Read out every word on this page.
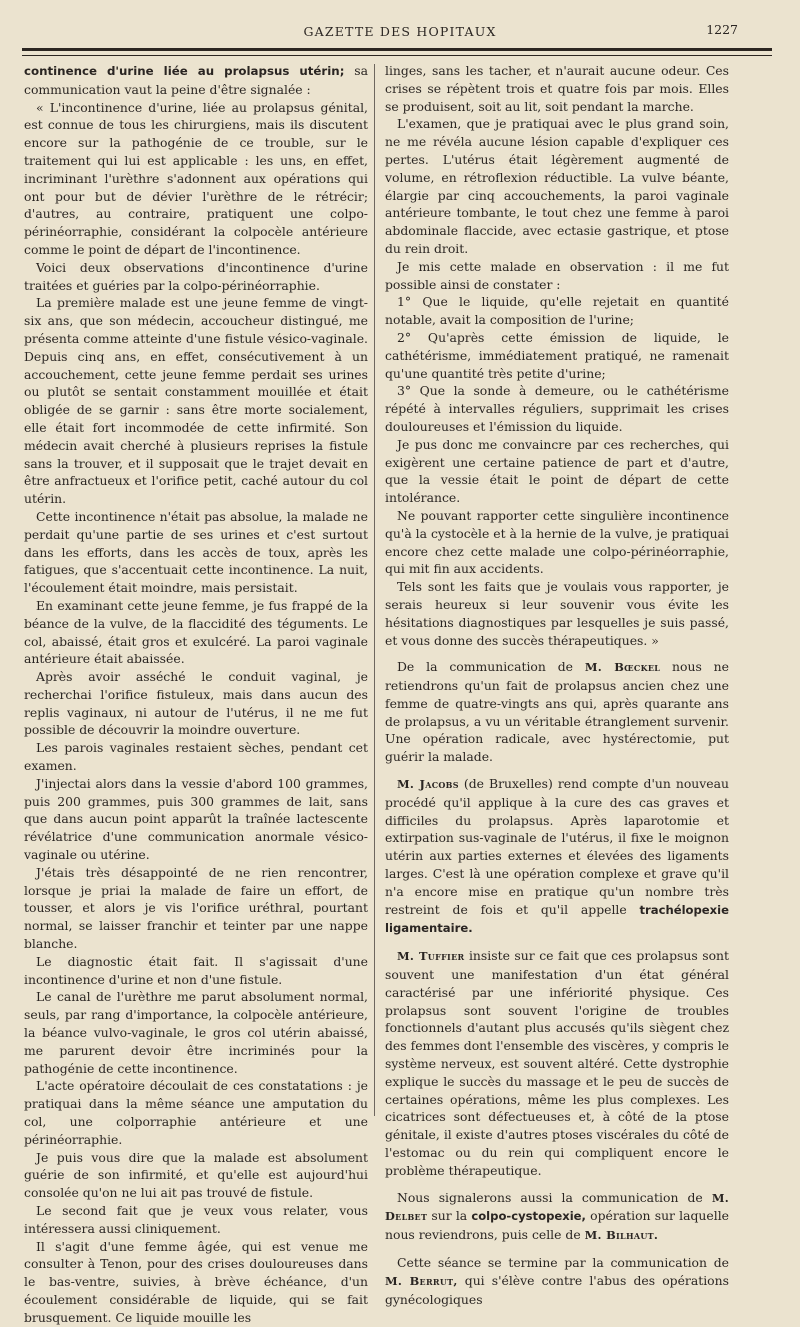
GAZETTE DES HOPITAUX	1227

continence d'urine liée au prolapsus utérin; sa communication vaut la peine d'être signalée :

« L'incontinence d'urine, liée au prolapsus génital, est connue de tous les chirurgiens, mais ils discutent encore sur la pathogénie de ce trouble, sur le traitement qui lui est applicable : les uns, en effet, incriminant l'urèthre s'adonnent aux opérations qui ont pour but de dévier l'urèthre de le rétrécir; d'autres, au contraire, pratiquent une colpo-périnéorraphie, considérant la colpocèle antérieure comme le point de départ de l'incontinence.

Voici deux observations d'incontinence d'urine traitées et guéries par la colpo-périnéorraphie.

La première malade est une jeune femme de vingt-six ans, que son médecin, accoucheur distingué, me présenta comme atteinte d'une fistule vésico-vaginale. Depuis cinq ans, en effet, consécutivement à un accouchement, cette jeune femme perdait ses urines ou plutôt se sentait constamment mouillée et était obligée de se garnir : sans être morte socialement, elle était fort incommodée de cette infirmité. Son médecin avait cherché à plusieurs reprises la fistule sans la trouver, et il supposait que le trajet devait en être anfractueux et l'orifice petit, caché autour du col utérin.

Cette incontinence n'était pas absolue, la malade ne perdait qu'une partie de ses urines et c'est surtout dans les efforts, dans les accès de toux, après les fatigues, que s'accentuait cette incontinence. La nuit, l'écoulement était moindre, mais persistait.

En examinant cette jeune femme, je fus frappé de la béance de la vulve, de la flaccidité des téguments. Le col, abaissé, était gros et exulcéré. La paroi vaginale antérieure était abaissée.

Après avoir asséché le conduit vaginal, je recherchai l'orifice fistuleux, mais dans aucun des replis vaginaux, ni autour de l'utérus, il ne me fut possible de découvrir la moindre ouverture.

Les parois vaginales restaient sèches, pendant cet examen.

J'injectai alors dans la vessie d'abord 100 grammes, puis 200 grammes, puis 300 grammes de lait, sans que dans aucun point apparût la traînée lactescente révélatrice d'une communication anormale vésico-vaginale ou utérine.

J'étais très désappointé de ne rien rencontrer, lorsque je priai la malade de faire un effort, de tousser, et alors je vis l'orifice uréthral, pourtant normal, se laisser franchir et teinter par une nappe blanche.

Le diagnostic était fait. Il s'agissait d'une incontinence d'urine et non d'une fistule.

Le canal de l'urèthre me parut absolument normal, seuls, par rang d'importance, la colpocèle antérieure, la béance vulvo-vaginale, le gros col utérin abaissé, me parurent devoir être incriminés pour la pathogénie de cette incontinence.

L'acte opératoire découlait de ces constatations : je pratiquai dans la même séance une amputation du col, une colporraphie antérieure et une périnéorraphie.

Je puis vous dire que la malade est absolument guérie de son infirmité, et qu'elle est aujourd'hui consolée qu'on ne lui ait pas trouvé de fistule.

Le second fait que je veux vous relater, vous intéressera aussi cliniquement.

Il s'agit d'une femme âgée, qui est venue me consulter à Tenon, pour des crises douloureuses dans le bas-ventre, suivies, à brève échéance, d'un écoulement considérable de liquide, qui se fait brusquement. Ce liquide mouille les

linges, sans les tacher, et n'aurait aucune odeur. Ces crises se répètent trois et quatre fois par mois. Elles se produisent, soit au lit, soit pendant la marche.

L'examen, que je pratiquai avec le plus grand soin, ne me révéla aucune lésion capable d'expliquer ces pertes. L'utérus était légèrement augmenté de volume, en rétroflexion réductible. La vulve béante, élargie par cinq accouchements, la paroi vaginale antérieure tombante, le tout chez une femme à paroi abdominale flaccide, avec ectasie gastrique, et ptose du rein droit.

Je mis cette malade en observation : il me fut possible ainsi de constater :

1° Que le liquide, qu'elle rejetait en quantité notable, avait la composition de l'urine;

2° Qu'après cette émission de liquide, le cathétérisme, immédiatement pratiqué, ne ramenait qu'une quantité très petite d'urine;

3° Que la sonde à demeure, ou le cathétérisme répété à intervalles réguliers, supprimait les crises douloureuses et l'émission du liquide.

Je pus donc me convaincre par ces recherches, qui exigèrent une certaine patience de part et d'autre, que la vessie était le point de départ de cette intolérance.

Ne pouvant rapporter cette singulière incontinence qu'à la cystocèle et à la hernie de la vulve, je pratiquai encore chez cette malade une colpo-périnéorraphie, qui mit fin aux accidents.

Tels sont les faits que je voulais vous rapporter, je serais heureux si leur souvenir vous évite les hésitations diagnostiques par lesquelles je suis passé, et vous donne des succès thérapeutiques. »

De la communication de M. Bœckel nous ne retiendrons qu'un fait de prolapsus ancien chez une femme de quatre-vingts ans qui, après quarante ans de prolapsus, a vu un véritable étranglement survenir. Une opération radicale, avec hystérectomie, put guérir la malade.

M. Jacobs (de Bruxelles) rend compte d'un nouveau procédé qu'il applique à la cure des cas graves et difficiles du prolapsus. Après laparotomie et extirpation sus-vaginale de l'utérus, il fixe le moignon utérin aux parties externes et élevées des ligaments larges. C'est là une opération complexe et grave qu'il n'a encore mise en pratique qu'un nombre très restreint de fois et qu'il appelle trachélopexie ligamentaire.

M. Tuffier insiste sur ce fait que ces prolapsus sont souvent une manifestation d'un état général caractérisé par une infériorité physique. Ces prolapsus sont souvent l'origine de troubles fonctionnels d'autant plus accusés qu'ils siègent chez des femmes dont l'ensemble des viscères, y compris le système nerveux, est souvent altéré. Cette dystrophie explique le succès du massage et le peu de succès de certaines opérations, même les plus complexes. Les cicatrices sont défectueuses et, à côté de la ptose génitale, il existe d'autres ptoses viscérales du côté de l'estomac ou du rein qui compliquent encore le problème thérapeutique.

Nous signalerons aussi la communication de M. Delbet sur la colpo-cystopexie, opération sur laquelle nous reviendrons, puis celle de M. Bilhaut.

Cette séance se termine par la communication de M. Berrut, qui s'élève contre l'abus des opérations gynécologiques
